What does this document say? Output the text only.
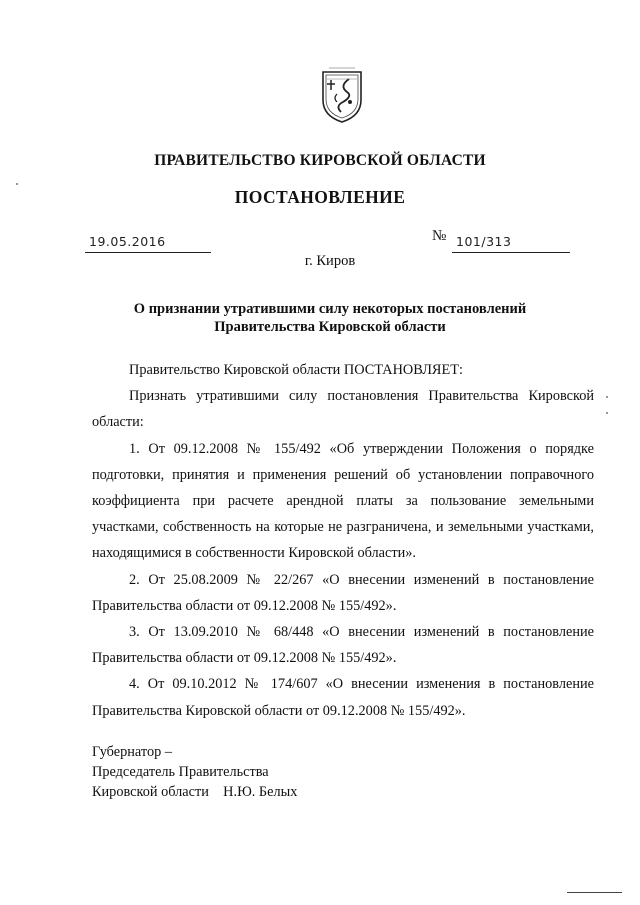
ПРАВИТЕЛЬСТВО КИРОВСКОЙ ОБЛАСТИ
ПОСТАНОВЛЕНИЕ
19.05.2016	№ 101/313
г. Киров
О признании утратившими силу некоторых постановлений
Правительства Кировской области

Правительство Кировской области ПОСТАНОВЛЯЕТ:

Признать утратившими силу постановления Правительства Кировской области:

1. От 09.12.2008 № 155/492 «Об утверждении Положения о порядке подготовки, принятия и применения решений об установлении поправочного коэффициента при расчете арендной платы за пользование земельными участками, собственность на которые не разграничена, и земельными участками, находящимися в собственности Кировской области».

2. От 25.08.2009 № 22/267 «О внесении изменений в постановление Правительства области от 09.12.2008 № 155/492».

3. От 13.09.2010 № 68/448 «О внесении изменений в постановление Правительства области от 09.12.2008 № 155/492».

4. От 09.10.2012 № 174/607 «О внесении изменения в постановление Правительства Кировской области от 09.12.2008 № 155/492».

Губернатор –
Председатель Правительства
Кировской области    Н.Ю. Белых
